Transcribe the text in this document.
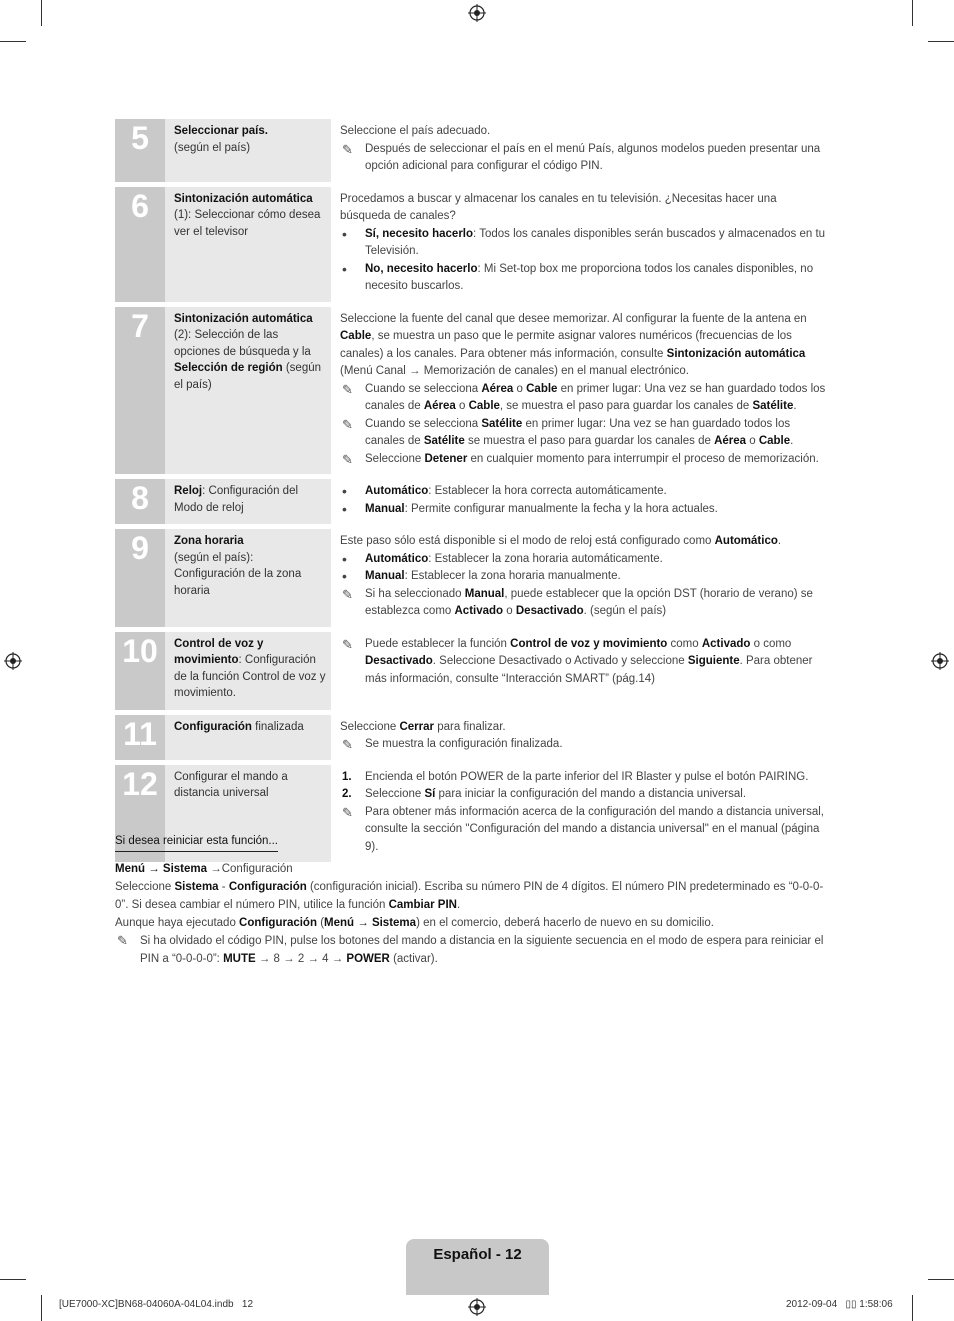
5	Seleccionar país.
(según el país)
Seleccione el país adecuado.
✎	Después de seleccionar el país en el menú País, algunos modelos pueden presentar una opción adicional para configurar el código PIN.
6	Sintonización automática (1): Seleccionar cómo desea ver el televisor
Procedamos a buscar y almacenar los canales en tu televisión. ¿Necesitas hacer una búsqueda de canales?
•	Sí, necesito hacerlo: Todos los canales disponibles serán buscados y almacenados en tu Televisión.
•	No, necesito hacerlo: Mi Set-top box me proporciona todos los canales disponibles, no necesito buscarlos.
7	Sintonización automática (2): Selección de las opciones de búsqueda y la Selección de región (según el país)
Seleccione la fuente del canal que desee memorizar. Al configurar la fuente de la antena en Cable, se muestra un paso que le permite asignar valores numéricos (frecuencias de los canales) a los canales. Para obtener más información, consulte Sintonización automática (Menú Canal → Memorización de canales) en el manual electrónico.
✎	Cuando se selecciona Aérea o Cable en primer lugar: Una vez se han guardado todos los canales de Aérea o Cable, se muestra el paso para guardar los canales de Satélite.
✎	Cuando se selecciona Satélite en primer lugar: Una vez se han guardado todos los canales de Satélite se muestra el paso para guardar los canales de Aérea o Cable.
✎	Seleccione Detener en cualquier momento para interrumpir el proceso de memorización.
8	Reloj: Configuración del Modo de reloj
•	Automático: Establecer la hora correcta automáticamente.
•	Manual: Permite configurar manualmente la fecha y la hora actuales.
9	Zona horaria
(según el país): Configuración de la zona horaria
Este paso sólo está disponible si el modo de reloj está configurado como Automático.
•	Automático: Establecer la zona horaria automáticamente.
•	Manual: Establecer la zona horaria manualmente.
✎	Si ha seleccionado Manual, puede establecer que la opción DST (horario de verano) se establezca como Activado o Desactivado. (según el país)
10	Control de voz y movimiento: Configuración de la función Control de voz y movimiento.
✎	Puede establecer la función Control de voz y movimiento como Activado o como Desactivado. Seleccione Desactivado o Activado y seleccione Siguiente. Para obtener más información, consulte “Interacción SMART” (pág.14)
11	Configuración finalizada	Seleccione Cerrar para finalizar.
✎	Se muestra la configuración finalizada.
12	Configurar el mando a distancia universal
1.	Encienda el botón POWER de la parte inferior del IR Blaster y pulse el botón PAIRING.
2.	Seleccione Sí para iniciar la configuración del mando a distancia universal.
✎	Para obtener más información acerca de la configuración del mando a distancia universal, consulte la sección "Configuración del mando a distancia universal" en el manual (página 9).
Si desea reiniciar esta función...
Menú → Sistema →Configuración
Seleccione Sistema - Configuración (configuración inicial). Escriba su número PIN de 4 dígitos. El número PIN predeterminado es “0-0-0-0”. Si desea cambiar el número PIN, utilice la función Cambiar PIN.
Aunque haya ejecutado Configuración (Menú → Sistema) en el comercio, deberá hacerlo de nuevo en su domicilio.
✎	Si ha olvidado el código PIN, pulse los botones del mando a distancia en la siguiente secuencia en el modo de espera para reiniciar el PIN a “0-0-0-0”: MUTE → 8 → 2 → 4 → POWER (activar).
Español - 12
[UE7000-XC]BN68-04060A-04L04.indb   12	2012-09-04   ▯▯ 1:58:06
